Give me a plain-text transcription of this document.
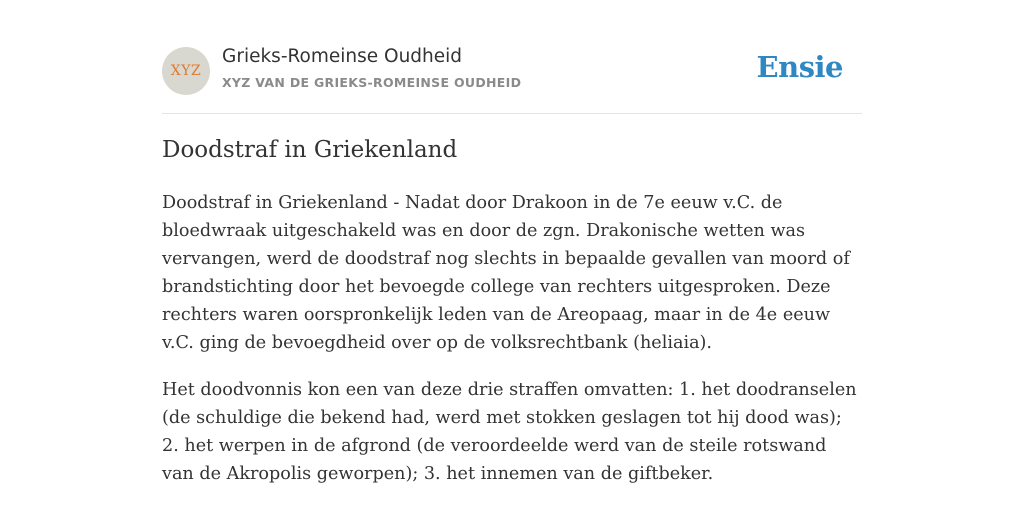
XYZ
Grieks-Romeinse Oudheid
XYZ VAN DE GRIEKS-ROMEINSE OUDHEID	Ensie
Doodstraf in Griekenland

Doodstraf in Griekenland - Nadat door Drakoon in de 7e eeuw v.C. de bloedwraak uitgeschakeld was en door de zgn. Drakonische wetten was vervangen, werd de doodstraf nog slechts in bepaalde gevallen van moord of brandstichting door het bevoegde college van rechters uitgesproken. Deze rechters waren oorspronkelijk leden van de Areopaag, maar in de 4e eeuw v.C. ging de bevoegdheid over op de volksrechtbank (heliaia).

Het doodvonnis kon een van deze drie straffen omvatten: 1. het doodranselen (de schuldige die bekend had, werd met stokken geslagen tot hij dood was); 2. het werpen in de afgrond (de veroordeelde werd van de steile rotswand van de Akropolis geworpen); 3. het innemen van de giftbeker.
